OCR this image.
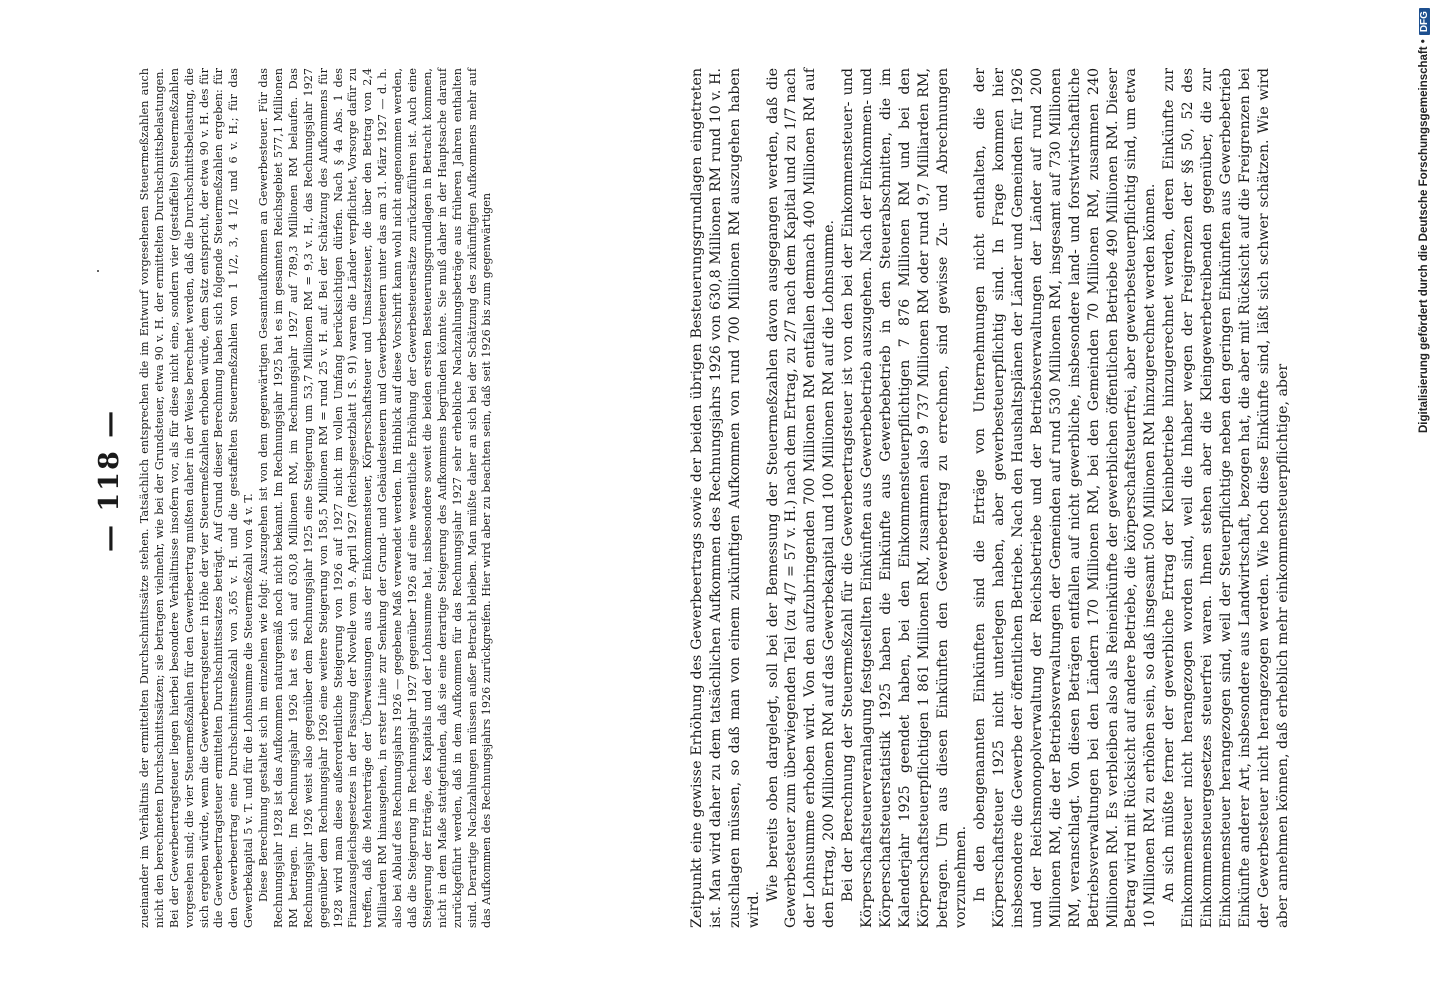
zueinander im Verhältnis der ermittelten Durchschnittssätze stehen. Tatsächlich entsprechen die im Entwurf vorgesehenen Steuermeßzahlen auch nicht den berechneten Durchschnittssätzen; sie betragen vielmehr, wie bei der Grundsteuer, etwa 90 v. H. der ermittelten Durchschnittsbelastungen. Bei der Gewerbeertragsteuer liegen hierbei besondere Verhältnisse insofern vor, als für diese nicht eine, sondern vier (gestaffelte) Steuermeßzahlen vorgesehen sind; die vier Steuermeßzahlen für den Gewerbeertrag mußten daher in der Weise berechnet werden, daß die Durchschnittsbelastung, die sich ergeben würde, wenn die Gewerbeertragsteuer in Höhe der vier Steuermeßzahlen erhoben würde, dem Satz entspricht, der etwa 90 v. H. des für die Gewerbeertragsteuer ermittelten Durchschnittssatzes beträgt. Auf Grund dieser Berechnung haben sich folgende Steuermeßzahlen ergeben: für den Gewerbeertrag eine Durchschnittsmeßzahl von 3,65 v. H. und die gestaffelten Steuermeßzahlen von 1 1/2, 3, 4 1/2 und 6 v. H.; für das Gewerbekapital 5 v. T. und für die Lohnsumme die Steuermeßzahl von 4 v. T. Diese Berechnung gestaltet sich im einzelnen wie folgt: Auszugehen ist von dem gegenwärtigen Gesamtaufkommen an Gewerbesteuer. Für das Rechnungsjahr 1928 ist das Aufkommen naturgemäß noch nicht bekannt. Im Rechnungsjahr 1925 hat es im gesamten Reichsgebiet 577,1 Millionen RM betragen. Im Rechnungsjahr 1926 hat es sich auf 630,8 Millionen RM, im Rechnungsjahr 1927 auf 789,3 Millionen RM belaufen. Das Rechnungsjahr 1926 weist also gegenüber dem Rechnungsjahr 1925 eine Steigerung um 53,7 Millionen RM = 9,3 v. H., das Rechnungsjahr 1927 gegenüber dem Rechnungsjahr 1926 eine weitere Steigerung von 158,5 Millionen RM = rund 25 v. H. auf. Bei der Schätzung des Aufkommens für 1928 wird man diese außerordentliche Steigerung von 1926 auf 1927 nicht im vollen Umfang berücksichtigen dürfen. Nach § 4a Abs. 1 des Finanzausgleichsgesetzes in der Fassung der Novelle vom 9. April 1927 (Reichsgesetzblatt I S. 91) waren die Länder verpflichtet, Vorsorge dafür zu treffen, daß die Mehrerträge der Überweisungen aus der Einkommensteuer, Körperschaftsteuer und Umsatzsteuer, die über den Betrag von 2,4 Milliarden RM hinausgehen, in erster Linie zur Senkung der Grund- und Gebäudesteuern und Gewerbesteuern unter das am 31. März 1927 — d. h. also bei Ablauf des Rechnungsjahrs 1926 — gegebene Maß verwendet werden. Im Hinblick auf diese Vorschrift kann wohl nicht angenommen werden, daß die Steigerung im Rechnungsjahr 1927 gegenüber 1926 auf eine wesentliche Erhöhung der Gewerbesteuersätze zurückzuführen ist. Auch eine Steigerung der Erträge, des Kapitals und der Lohnsumme hat, insbesondere soweit die beiden ersten Besteuerungsgrundlagen in Betracht kommen, nicht in dem Maße stattgefunden, daß sie eine derartige Steigerung des Aufkommens begründen könnte. Sie muß daher in der Hauptsache darauf zurückgeführt werden, daß in dem Aufkommen für das Rechnungsjahr 1927 sehr erhebliche Nachzahlungsbeträge aus früheren Jahren enthalten sind. Derartige Nachzahlungen müssen außer Betracht bleiben. Man müßte daher an sich bei der Schätzung des zukünftigen Aufkommens mehr auf das Aufkommen des Rechnungsjahrs 1926 zurückgreifen. Hier wird aber zu beachten sein, daß seit 1926 bis zum gegenwärtigen

— 118 —	Zeitpunkt eine gewisse Erhöhung des Gewerbeertrags sowie der beiden übrigen Besteuerungsgrundlagen eingetreten ist. Man wird daher zu dem tatsächlichen Aufkommen des Rechnungsjahrs 1926 von 630,8 Millionen RM rund 10 v. H. zuschlagen müssen, so daß man von einem zukünftigen Aufkommen von rund 700 Millionen RM auszugehen haben wird.

Wie bereits oben dargelegt, soll bei der Bemessung der Steuermeßzahlen davon ausgegangen werden, daß die Gewerbesteuer zum überwiegenden Teil (zu 4/7 = 57 v. H.) nach dem Ertrag, zu 2/7 nach dem Kapital und zu 1/7 nach der Lohnsumme erhoben wird. Von den aufzubringenden 700 Millionen RM entfallen demnach 400 Millionen RM auf den Ertrag, 200 Millionen RM auf das Gewerbekapital und 100 Millionen RM auf die Lohnsumme. Bei der Berechnung der Steuermeßzahl für die Gewerbeertragsteuer ist von den bei der Einkommensteuer- und Körperschaftsteuerveranlagung festgestellten Einkünften aus Gewerbebetrieb auszugehen. Nach der Einkommen- und Körperschaftsteuerstatistik 1925 haben die Einkünfte aus Gewerbebetrieb in den Steuerabschnitten, die im Kalenderjahr 1925 geendet haben, bei den Einkommensteuerpflichtigen 7 876 Millionen RM und bei den Körperschaftsteuerpflichtigen 1 861 Millionen RM, zusammen also 9 737 Millionen RM oder rund 9,7 Milliarden RM, betragen. Um aus diesen Einkünften den Gewerbeertrag zu errechnen, sind gewisse Zu- und Abrechnungen vorzunehmen. In den obengenannten Einkünften sind die Erträge von Unternehmungen nicht enthalten, die der Körperschaftsteuer 1925 nicht unterlegen haben, aber gewerbesteuerpflichtig sind. In Frage kommen hier insbesondere die Gewerbe der öffentlichen Betriebe. Nach den Haushaltsplänen der Länder und Gemeinden für 1926 und der Reichsmonopolverwaltung der Reichsbetriebe und der Betriebsverwaltungen der Länder auf rund 200 Millionen RM, die der Betriebsverwaltungen der Gemeinden auf rund 530 Millionen RM, insgesamt auf 730 Millionen RM, veranschlagt. Von diesen Beträgen entfallen auf nicht gewerbliche, insbesondere land- und forstwirtschaftliche Betriebsverwaltungen bei den Ländern 170 Millionen RM, bei den Gemeinden 70 Millionen RM, zusammen 240 Millionen RM. Es verbleiben also als Reineinkünfte der gewerblichen öffentlichen Betriebe 490 Millionen RM. Dieser Betrag wird mit Rücksicht auf andere Betriebe, die körperschaftsteuerfrei, aber gewerbesteuerpflichtig sind, um etwa 10 Millionen RM zu erhöhen sein, so daß insgesamt 500 Millionen RM hinzugerechnet werden können. An sich müßte ferner der gewerbliche Ertrag der Kleinbetriebe hinzugerechnet werden, deren Einkünfte zur Einkommensteuer nicht herangezogen worden sind, weil die Inhaber wegen der Freigrenzen der §§ 50, 52 des Einkommensteuergesetzes steuerfrei waren. Ihnen stehen aber die Kleingewerbetreibenden gegenüber, die zur Einkommensteuer herangezogen sind, weil der Steuerpflichtige neben den geringen Einkünften aus Gewerbebetrieb Einkünfte anderer Art, insbesondere aus Landwirtschaft, bezogen hat, die aber mit Rücksicht auf die Freigrenzen bei der Gewerbesteuer nicht herangezogen werden. Wie hoch diese Einkünfte sind, läßt sich schwer schätzen. Wie wird aber annehmen können, daß erheblich mehr einkommensteuerpflichtige, aber

Digitalisierung gefördert durch die Deutsche Forschungsgemeinschaft •DFG
